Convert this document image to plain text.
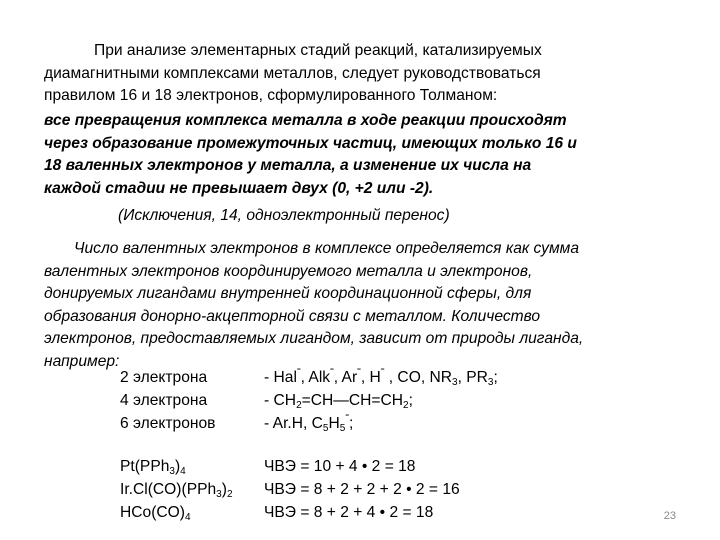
При анализе элементарных стадий реакций, катализируемых

диамагнитными комплексами металлов, следует руководствоваться

правилом 16 и 18 электронов, сформулированного Толманом:

все превращения комплекса металла в ходе реакции происходят

через образование промежуточных частиц, имеющих только 16 и

18 валенных электронов у металла, а изменение их числа на

каждой стадии не превышает двух (0, +2 или -2).

(Исключения, 14, одноэлектронный перенос)

Число валентных электронов в комплексе определяется как сумма

валентных электронов координируемого металла и электронов,

донируемых лигандами внутренней координационной сферы, для

образования донорно-акцепторной связи с металлом. Количество

электронов, предоставляемых лигандом, зависит от природы лиганда,

например:

2 электрона	- Hal$^ˉ$, Alk$^ˉ$, $Ar^ˉ$, $H^ˉ$ , CO, $NR_3$, $PR_3$;
4 электрона	- $CH_2=CH—CH=CH_2$;
6 электронов	- Ar.H, $C_5H_5^ˉ$;
$Pt(PPh_3)_4$	ЧВЭ = 10 + 4 • 2 = 18
$Ir.Cl(CO)(PPh_3)_2$ ЧВЭ = 8 + 2 + 2 + 2 • 2 = 16
$HCo(CO)_4$	ЧВЭ = 8 + 2 + 4 • 2 = 18	23
